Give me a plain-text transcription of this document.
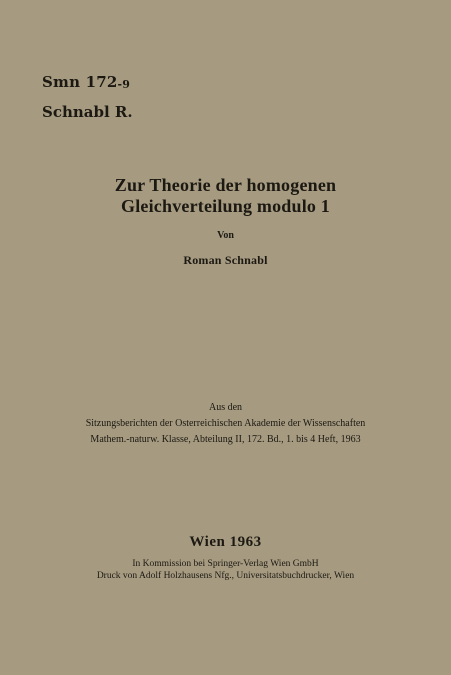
Smn 172-9
Schnabl R.
Zur Theorie der homogenen
Gleichverteilung modulo 1
Von
Roman Schnabl
Aus den
Sitzungsberichten der Osterreichischen Akademie der Wissenschaften
Mathem.-naturw. Klasse, Abteilung II, 172. Bd., 1. bis 4 Heft, 1963
Wien 1963
In Kommission bei Springer-Verlag Wien GmbH
Druck von Adolf Holzhausens Nfg., Universitatsbuchdrucker, Wien
